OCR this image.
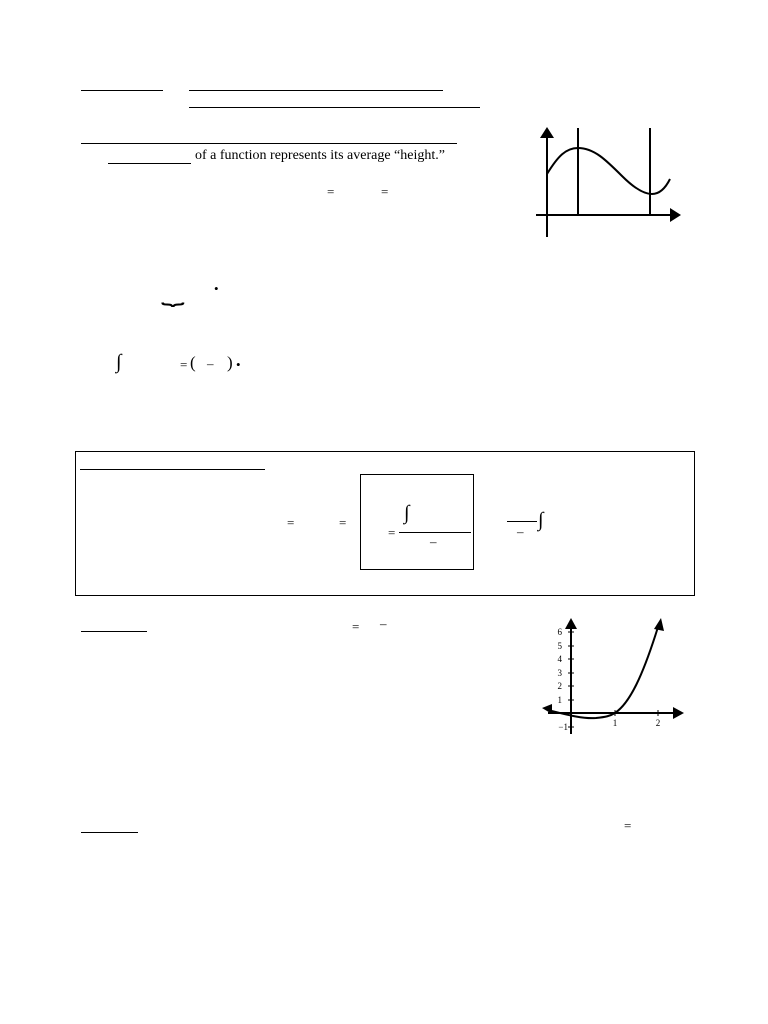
of a function represents its average “height.”
=	=
⏟ •
∫	= ( – ) •
=	=
=
∫
–
–
∫
= –
6
5
4
3
2
1
−1	1	2
=
